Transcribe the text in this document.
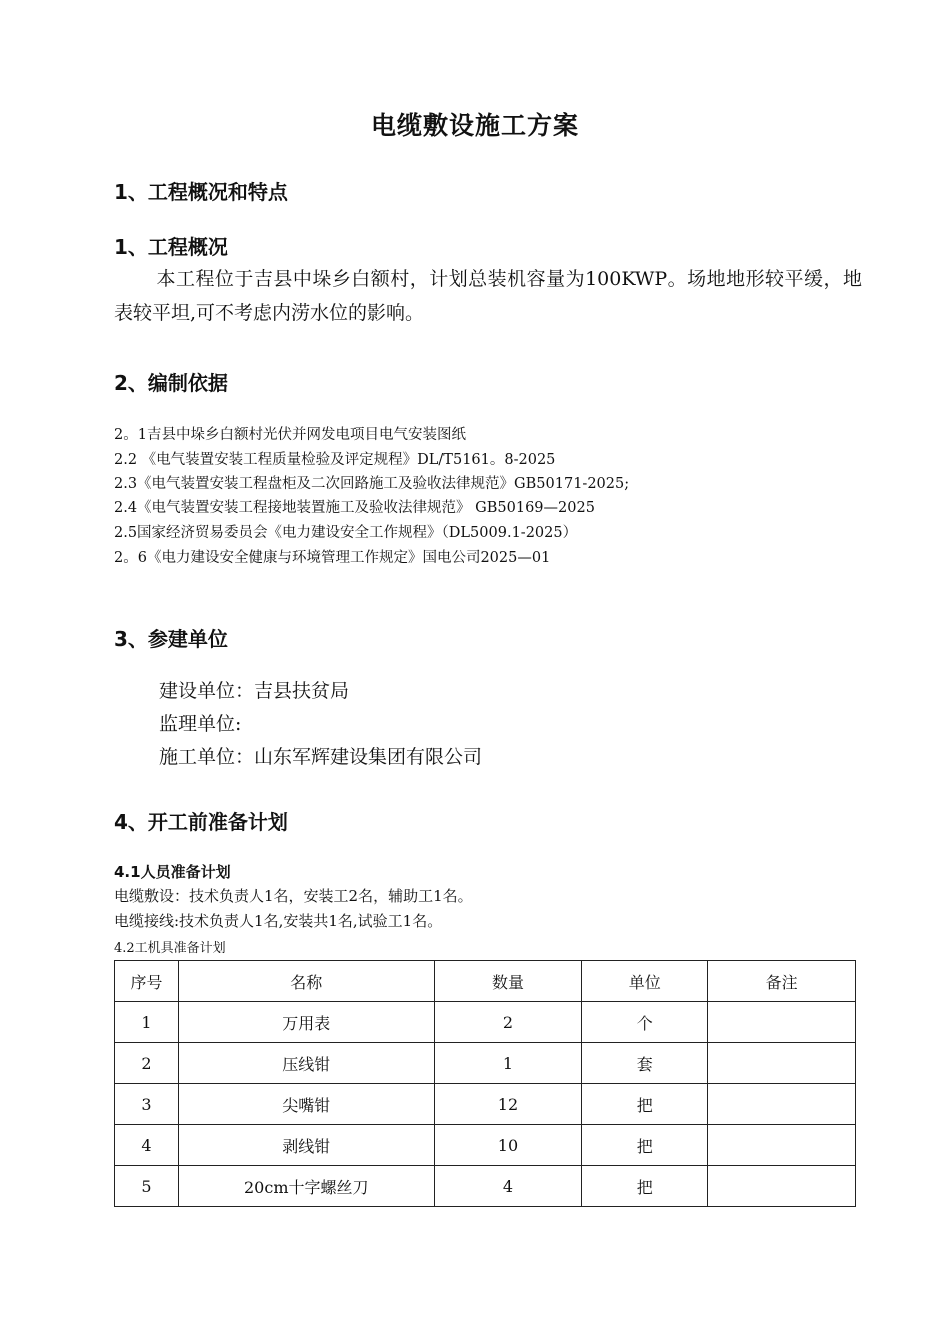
电缆敷设施工方案
1、工程概况和特点
1、工程概况
本工程位于吉县中垛乡白额村，计划总装机容量为100KWP。场地地形较平缓，地表较平坦,可不考虑内涝水位的影响。
2、编制依据
2。1吉县中垛乡白额村光伏并网发电项目电气安装图纸
2.2 《电气装置安装工程质量检验及评定规程》DL/T5161。8-2025
2.3《电气装置安装工程盘柜及二次回路施工及验收法律规范》GB50171-2025;
2.4《电气装置安装工程接地装置施工及验收法律规范》 GB50169—2025
2.5国家经济贸易委员会《电力建设安全工作规程》（DL5009.1-2025）
2。6《电力建设安全健康与环境管理工作规定》国电公司2025—01
3、参建单位
建设单位：吉县扶贫局
监理单位:
施工单位：山东军辉建设集团有限公司
4、开工前准备计划
4.1人员准备计划
电缆敷设：技术负责人1名，安装工2名，辅助工1名。
电缆接线:技术负责人1名,安装共1名,试验工1名。
4.2工机具准备计划
序号	名称	数量	单位	备注
1	万用表	2	个	
2	压线钳	1	套	
3	尖嘴钳	12	把	
4	剥线钳	10	把	
5	20cm十字螺丝刀	4	把	
